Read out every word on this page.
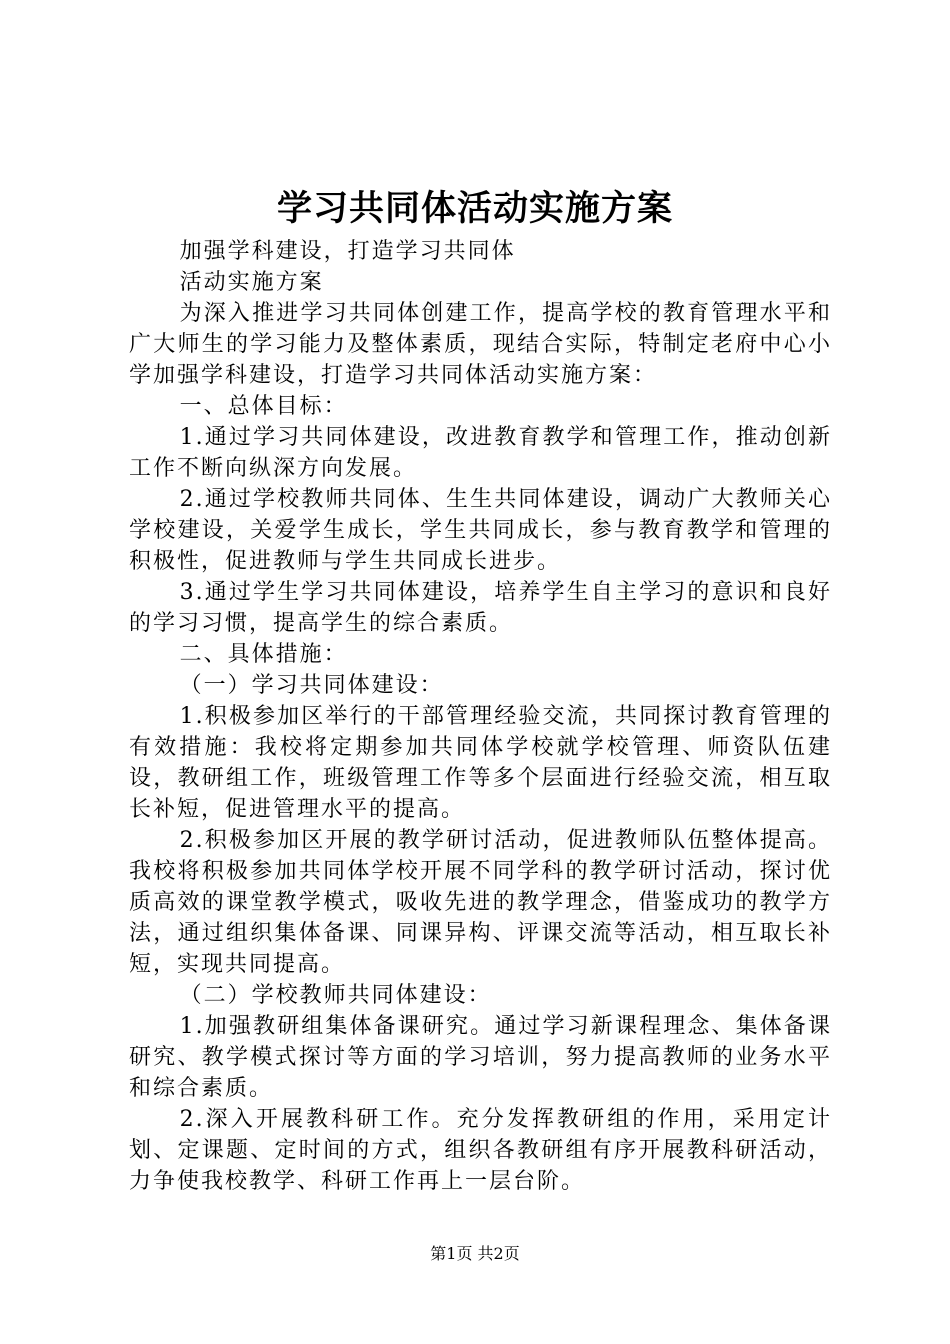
学习共同体活动实施方案

加强学科建设，打造学习共同体

活动实施方案

为深入推进学习共同体创建工作，提高学校的教育管理水平和广大师生的学习能力及整体素质，现结合实际，特制定老府中心小学加强学科建设，打造学习共同体活动实施方案：

一、总体目标：

1.通过学习共同体建设，改进教育教学和管理工作，推动创新工作不断向纵深方向发展。

2.通过学校教师共同体、生生共同体建设，调动广大教师关心学校建设，关爱学生成长，学生共同成长，参与教育教学和管理的积极性，促进教师与学生共同成长进步。

3.通过学生学习共同体建设，培养学生自主学习的意识和良好的学习习惯，提高学生的综合素质。

二、具体措施：

（一）学习共同体建设：

1.积极参加区举行的干部管理经验交流，共同探讨教育管理的有效措施：我校将定期参加共同体学校就学校管理、师资队伍建设，教研组工作，班级管理工作等多个层面进行经验交流，相互取长补短，促进管理水平的提高。

2.积极参加区开展的教学研讨活动，促进教师队伍整体提高。我校将积极参加共同体学校开展不同学科的教学研讨活动，探讨优质高效的课堂教学模式，吸收先进的教学理念，借鉴成功的教学方法，通过组织集体备课、同课异构、评课交流等活动，相互取长补短，实现共同提高。

（二）学校教师共同体建设：

1.加强教研组集体备课研究。通过学习新课程理念、集体备课研究、教学模式探讨等方面的学习培训，努力提高教师的业务水平和综合素质。

2.深入开展教科研工作。充分发挥教研组的作用，采用定计划、定课题、定时间的方式，组织各教研组有序开展教科研活动，力争使我校教学、科研工作再上一层台阶。

第1页 共2页
